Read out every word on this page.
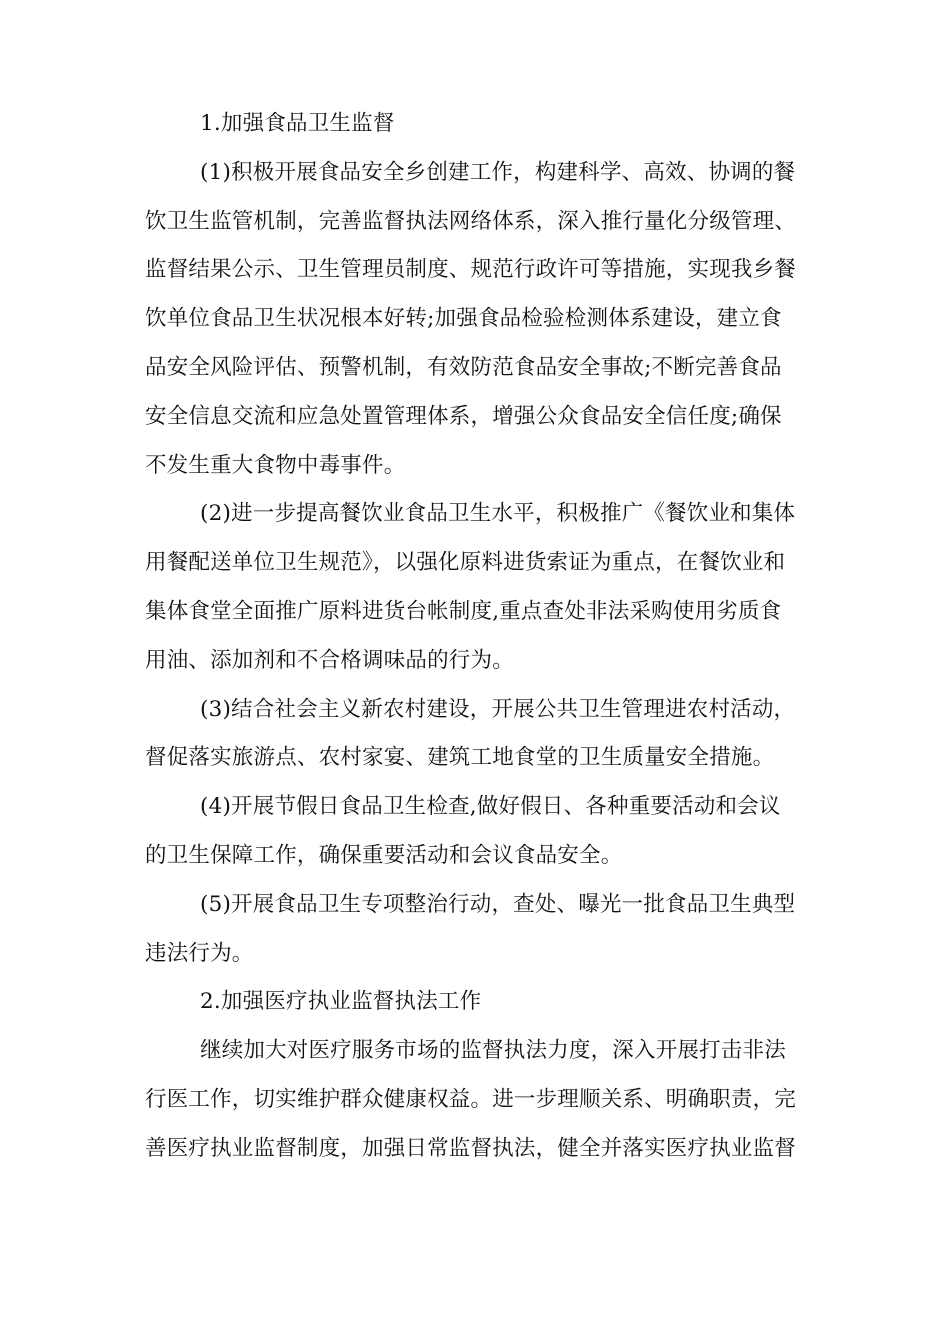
1.加强食品卫生监督
(1)积极开展食品安全乡创建工作，构建科学、高效、协调的餐
饮卫生监管机制，完善监督执法网络体系，深入推行量化分级管理、
监督结果公示、卫生管理员制度、规范行政许可等措施，实现我乡餐
饮单位食品卫生状况根本好转;加强食品检验检测体系建设，建立食
品安全风险评估、预警机制，有效防范食品安全事故;不断完善食品
安全信息交流和应急处置管理体系，增强公众食品安全信任度;确保
不发生重大食物中毒事件。
(2)进一步提高餐饮业食品卫生水平，积极推广《餐饮业和集体
用餐配送单位卫生规范》，以强化原料进货索证为重点，在餐饮业和
集体食堂全面推广原料进货台帐制度,重点查处非法采购使用劣质食
用油、添加剂和不合格调味品的行为。
(3)结合社会主义新农村建设，开展公共卫生管理进农村活动，
督促落实旅游点、农村家宴、建筑工地食堂的卫生质量安全措施。
(4)开展节假日食品卫生检查,做好假日、各种重要活动和会议
的卫生保障工作，确保重要活动和会议食品安全。
(5)开展食品卫生专项整治行动，查处、曝光一批食品卫生典型
违法行为。
2.加强医疗执业监督执法工作
继续加大对医疗服务市场的监督执法力度，深入开展打击非法
行医工作，切实维护群众健康权益。进一步理顺关系、明确职责，完
善医疗执业监督制度，加强日常监督执法，健全并落实医疗执业监督
